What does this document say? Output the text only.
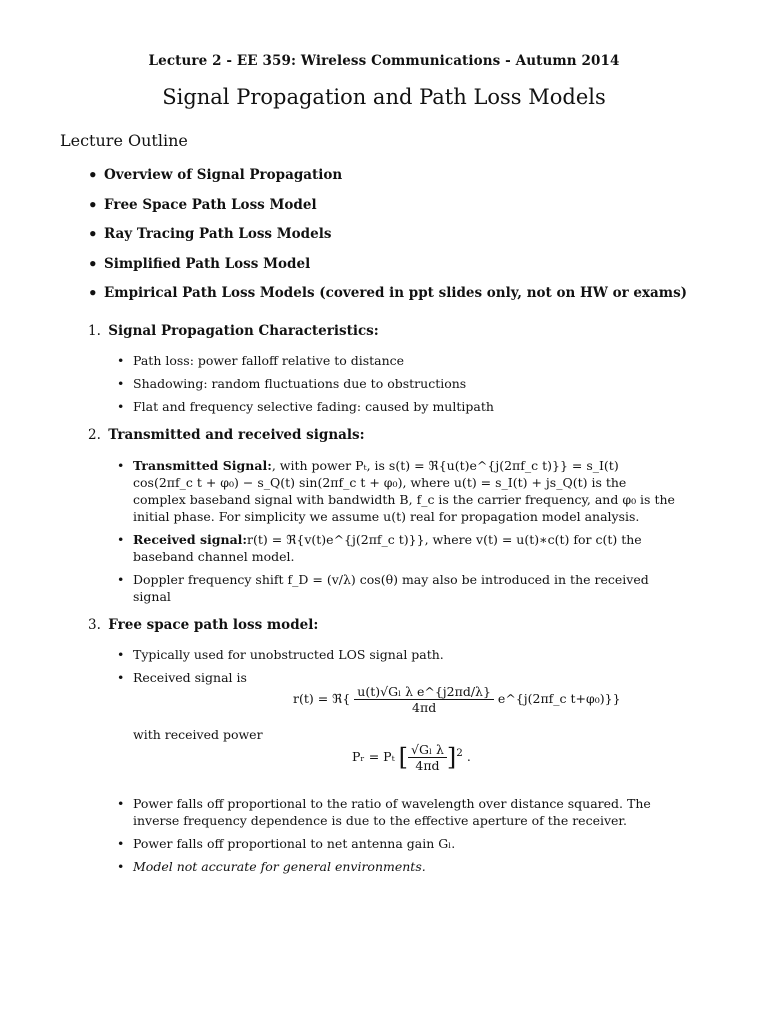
Lecture 2 - EE 359: Wireless Communications - Autumn 2014
Signal Propagation and Path Loss Models
Lecture Outline
• Overview of Signal Propagation
• Free Space Path Loss Model
• Ray Tracing Path Loss Models
• Simplified Path Loss Model
• Empirical Path Loss Models (covered in ppt slides only, not on HW or exams)
1. Signal Propagation Characteristics:
• Path loss: power falloff relative to distance
• Shadowing: random fluctuations due to obstructions
• Flat and frequency selective fading: caused by multipath
2. Transmitted and received signals:
• Transmitted Signal:, with power Pₜ, is s(t) = ℜ{u(t)e^{j(2πf_c t)}} = s_I(t) cos(2πf_c t + φ₀) − s_Q(t) sin(2πf_c t + φ₀), where u(t) = s_I(t) + js_Q(t) is the complex baseband signal with bandwidth B, f_c is the carrier frequency, and φ₀ is the initial phase. For simplicity we assume u(t) real for propagation model analysis.
• Received signal:r(t) = ℜ{v(t)e^{j(2πf_c t)}}, where v(t) = u(t)∗c(t) for c(t) the baseband channel model.
• Doppler frequency shift f_D = (v/λ) cos(θ) may also be introduced in the received signal
3. Free space path loss model:
• Typically used for unobstructed LOS signal path.
• Received signal is
r(t) = ℜ{ $\frac{\text{u(t)√Gₗ λ e\textasciicircum{}\{j2πd/λ\}}}{4\pi d}$ e^{j(2πf_c t+φ₀)}}
with received power
Pᵣ = Pₜ [ $\frac{\text{√Gₗ λ}}{4\pi d} ]^2$ .
• Power falls off proportional to the ratio of wavelength over distance squared. The inverse frequency dependence is due to the effective aperture of the receiver.
• Power falls off proportional to net antenna gain Gₗ.
• Model not accurate for general environments.
